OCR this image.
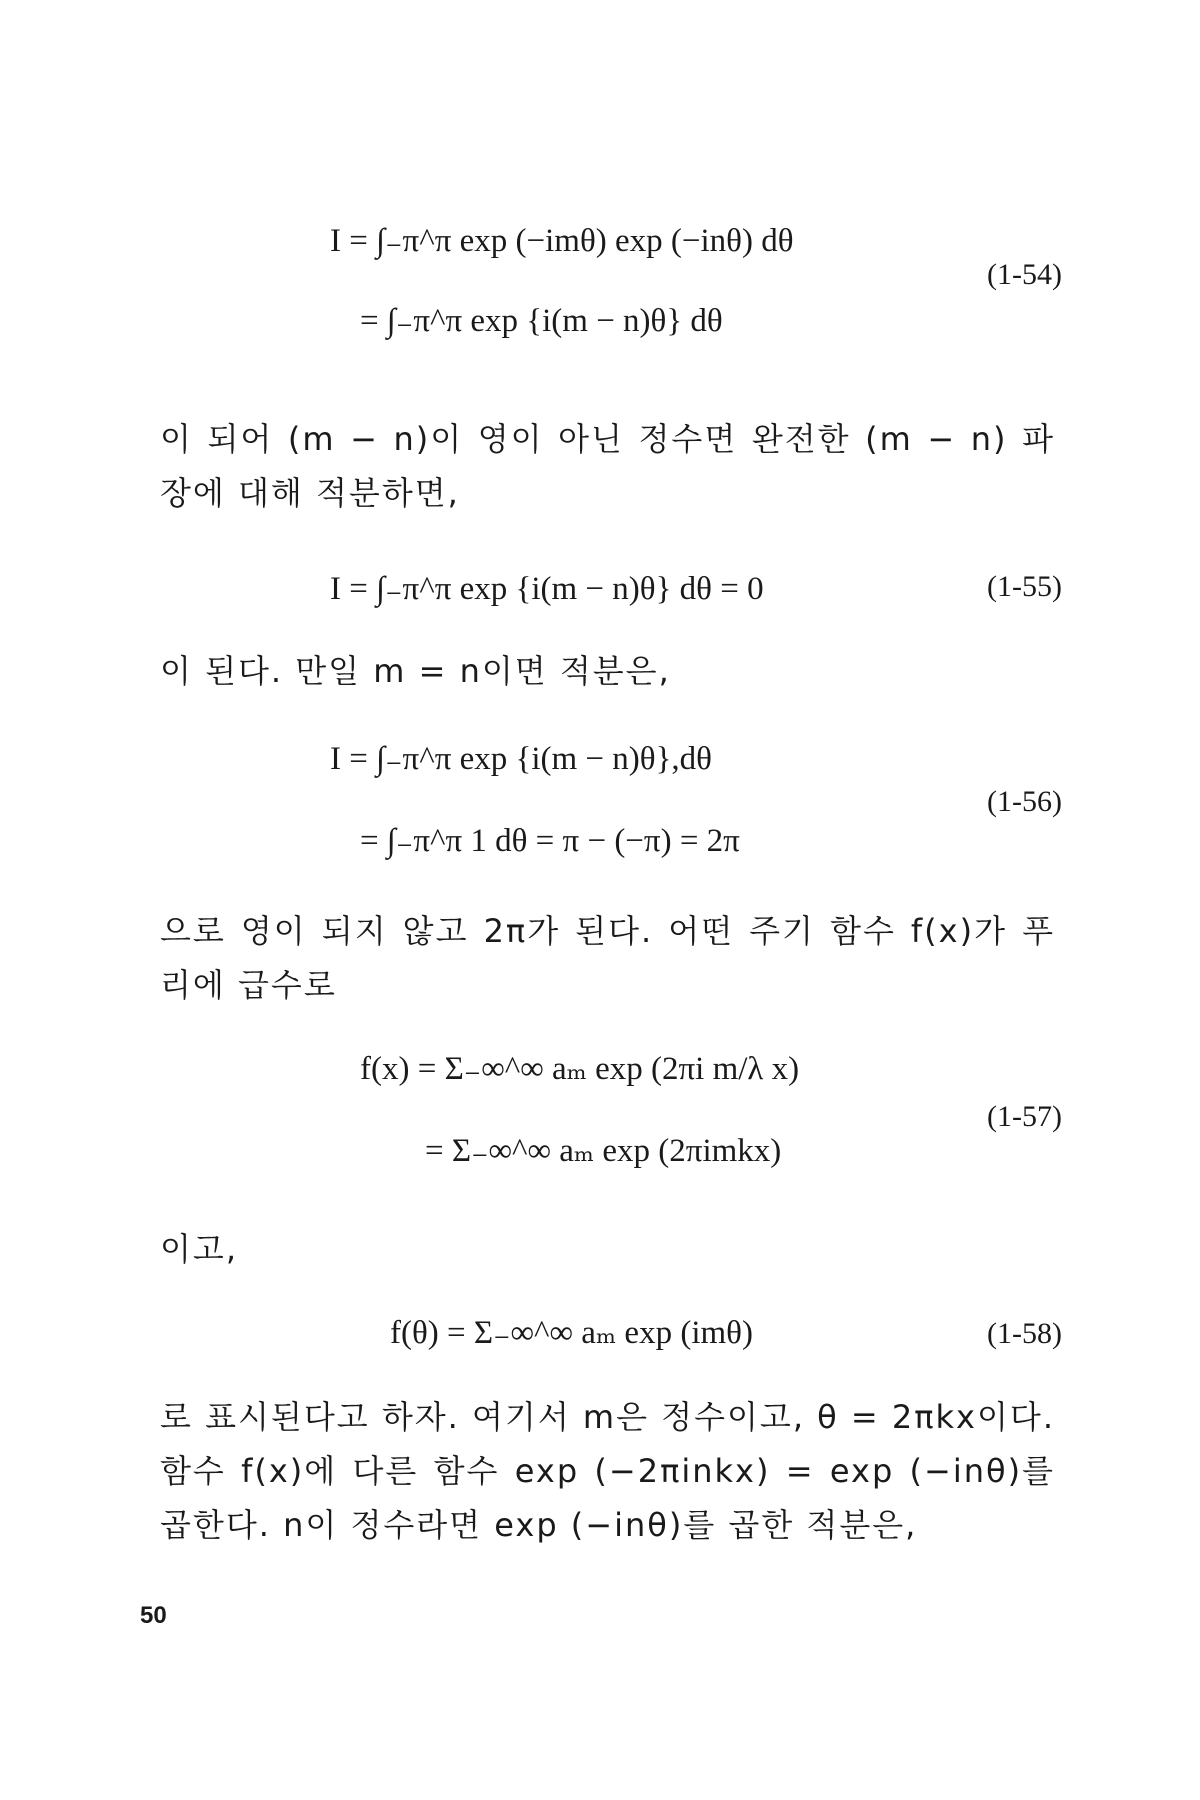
I = ∫₋π^π exp (−imθ) exp (−inθ) dθ
= ∫₋π^π exp {i(m − n)θ} dθ
(1-54)
이 되어 (m − n)이 영이 아닌 정수면 완전한 (m − n) 파장에 대해 적분하면,
I = ∫₋π^π exp {i(m − n)θ} dθ = 0	(1-55)
이 된다. 만일 m = n이면 적분은,
I = ∫₋π^π exp {i(m − n)θ},dθ
= ∫₋π^π 1 dθ = π − (−π) = 2π
(1-56)
으로 영이 되지 않고 2π가 된다. 어떤 주기 함수 f(x)가 푸리에 급수로
f(x) = Σ₋∞^∞ aₘ exp (2πi m/λ x)
= Σ₋∞^∞ aₘ exp (2πimkx)
(1-57)
이고,
f(θ) = Σ₋∞^∞ aₘ exp (imθ)	(1-58)
로 표시된다고 하자. 여기서 m은 정수이고, θ = 2πkx이다. 함수 f(x)에 다른 함수 exp (−2πinkx) = exp (−inθ)를 곱한다. n이 정수라면 exp (−inθ)를 곱한 적분은,
50
